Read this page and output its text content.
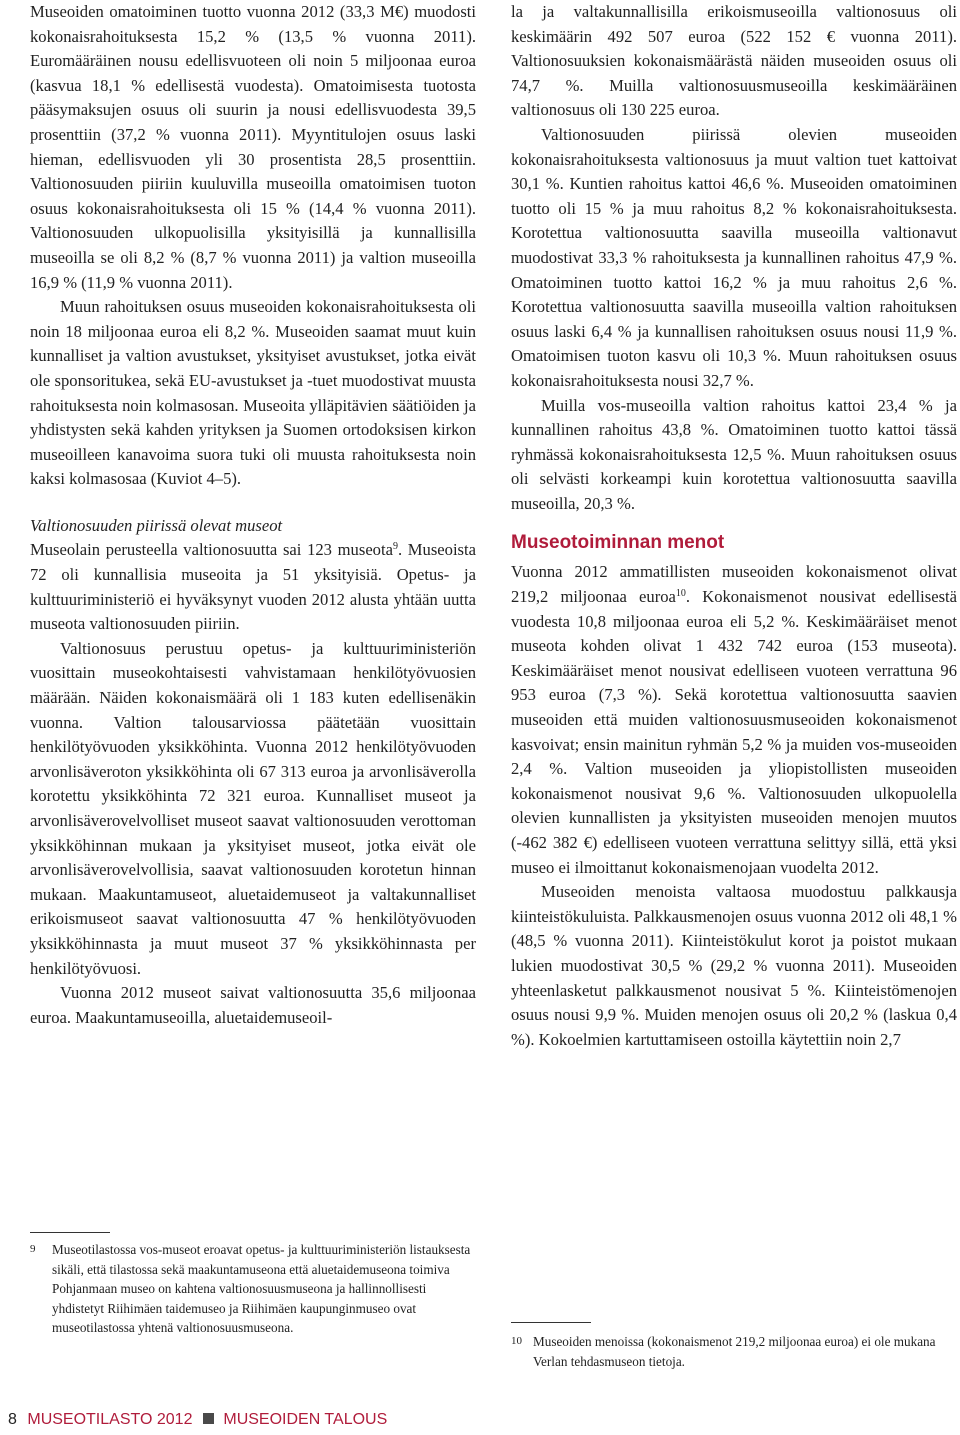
Museoiden omatoiminen tuotto vuonna 2012 (33,3 M€) muodosti kokonaisrahoituksesta 15,2 % (13,5 % vuonna 2011). Euromääräinen nousu edellisvuoteen oli noin 5 miljoonaa euroa (kasvua 18,1 % edellisestä vuodesta). Omatoimisesta tuotosta pääsymaksujen osuus oli suurin ja nousi edellisvuodesta 39,5 prosenttiin (37,2 % vuonna 2011). Myyntitulojen osuus laski hieman, edellisvuoden yli 30 prosentista 28,5 prosenttiin. Valtionosuuden piiriin kuuluvilla museoilla omatoimisen tuoton osuus kokonaisrahoituksesta oli 15 % (14,4 % vuonna 2011). Valtionosuuden ulkopuolisilla yksityisillä ja kunnallisilla museoilla se oli 8,2 % (8,7 % vuonna 2011) ja valtion museoilla 16,9 % (11,9 % vuonna 2011).

Muun rahoituksen osuus museoiden kokonaisrahoituksesta oli noin 18 miljoonaa euroa eli 8,2 %. Museoiden saamat muut kuin kunnalliset ja valtion avustukset, yksityiset avustukset, jotka eivät ole sponsoritukea, sekä EU-avustukset ja -tuet muodostivat muusta rahoituksesta noin kolmasosan. Museoita ylläpitävien säätiöiden ja yhdistysten sekä kahden yrityksen ja Suomen ortodoksisen kirkon museoilleen kanavoima suora tuki oli muusta rahoituksesta noin kaksi kolmasosaa (Kuviot 4–5).

Valtionosuuden piirissä olevat museot

Museolain perusteella valtionosuutta sai 123 museota$^9$. Museoista 72 oli kunnallisia museoita ja 51 yksityisiä. Opetus- ja kulttuuriministeriö ei hyväksynyt vuoden 2012 alusta yhtään uutta museota valtionosuuden piiriin.

Valtionosuus perustuu opetus- ja kulttuuriministeriön vuosittain museokohtaisesti vahvistamaan henkilötyövuosien määrään. Näiden kokonaismäärä oli 1 183 kuten edellisenäkin vuonna. Valtion talousarviossa päätetään vuosittain henkilötyövuoden yksikköhinta. Vuonna 2012 henkilötyövuoden arvonlisäveroton yksikköhinta oli 67 313 euroa ja arvonlisäverolla korotettu yksikköhinta 72 321 euroa. Kunnalliset museot ja arvonlisäverovelvolliset museot saavat valtionosuuden verottoman yksikköhinnan mukaan ja yksityiset museot, jotka eivät ole arvonlisäverovelvollisia, saavat valtionosuuden korotetun hinnan mukaan. Maakuntamuseot, aluetaidemuseot ja valtakunnalliset erikoismuseot saavat valtionosuutta 47 % henkilötyövuoden yksikköhinnasta ja muut museot 37 % yksikköhinnasta per henkilötyövuosi.

Vuonna 2012 museot saivat valtionosuutta 35,6 miljoonaa euroa. Maakuntamuseoilla, aluetaidemuseoil-

9	Museotilastossa vos-museot eroavat opetus- ja kulttuuriministeriön listauksesta sikäli, että tilastossa sekä maakuntamuseona että aluetaidemuseona toimiva Pohjanmaan museo on kahtena valtionosuusmuseona ja hallinnollisesti yhdistetyt Riihimäen taidemuseo ja Riihimäen kaupunginmuseo ovat museotilastossa yhtenä valtionosuusmuseona.

la ja valtakunnallisilla erikoismuseoilla valtionosuus oli keskimäärin 492 507 euroa (522 152 € vuonna 2011). Valtionosuuksien kokonaismäärästä näiden museoiden osuus oli 74,7 %. Muilla valtionosuusmuseoilla keskimääräinen valtionosuus oli 130 225 euroa.

Valtionosuuden piirissä olevien museoiden kokonaisrahoituksesta valtionosuus ja muut valtion tuet kattoivat 30,1 %. Kuntien rahoitus kattoi 46,6 %. Museoiden omatoiminen tuotto oli 15 % ja muu rahoitus 8,2 % kokonaisrahoituksesta. Korotettua valtionosuutta saavilla museoilla valtionavut muodostivat 33,3 % rahoituksesta ja kunnallinen rahoitus 47,9 %. Omatoiminen tuotto kattoi 16,2 % ja muu rahoitus 2,6 %. Korotettua valtionosuutta saavilla museoilla valtion rahoituksen osuus laski 6,4 % ja kunnallisen rahoituksen osuus nousi 11,9 %. Omatoimisen tuoton kasvu oli 10,3 %. Muun rahoituksen osuus kokonaisrahoituksesta nousi 32,7 %.

Muilla vos-museoilla valtion rahoitus kattoi 23,4 % ja kunnallinen rahoitus 43,8 %. Omatoiminen tuotto kattoi tässä ryhmässä kokonaisrahoituksesta 12,5 %. Muun rahoituksen osuus oli selvästi korkeampi kuin korotettua valtionosuutta saavilla museoilla, 20,3 %.

Museotoiminnan menot

Vuonna 2012 ammatillisten museoiden kokonaismenot olivat 219,2 miljoonaa euroa$^{10}$. Kokonaismenot nousivat edellisestä vuodesta 10,8 miljoonaa euroa eli 5,2 %. Keskimääräiset menot museota kohden olivat 1 432 742 euroa (153 museota). Keskimääräiset menot nousivat edelliseen vuoteen verrattuna 96 953 euroa (7,3 %). Sekä korotettua valtionosuutta saavien museoiden että muiden valtionosuusmuseoiden kokonaismenot kasvoivat; ensin mainitun ryhmän 5,2 % ja muiden vos-museoiden 2,4 %. Valtion museoiden ja yliopistollisten museoiden kokonaismenot nousivat 9,6 %. Valtionosuuden ulkopuolella olevien kunnallisten ja yksityisten museoiden menojen muutos (-462 382 €) edelliseen vuoteen verrattuna selittyy sillä, että yksi museo ei ilmoittanut kokonaismenojaan vuodelta 2012.

Museoiden menoista valtaosa muodostuu palkkausja kiinteistökuluista. Palkkausmenojen osuus vuonna 2012 oli 48,1 % (48,5 % vuonna 2011). Kiinteistökulut korot ja poistot mukaan lukien muodostivat 30,5 % (29,2 % vuonna 2011). Museoiden yhteenlasketut palkkausmenot nousivat 5 %. Kiinteistömenojen osuus nousi 9,9 %. Muiden menojen osuus oli 20,2 % (laskua 0,4 %). Kokoelmien kartuttamiseen ostoilla käytettiin noin 2,7

10 Museoiden menoissa (kokonaismenot 219,2 miljoonaa euroa) ei ole mukana Verlan tehdasmuseon tietoja.
8 MUSEOTILASTO 2012 MUSEOIDEN TALOUS
